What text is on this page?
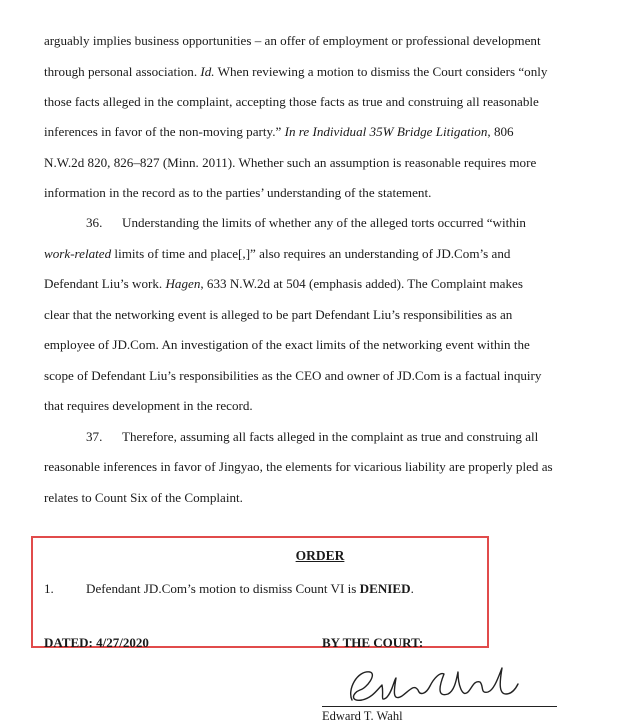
arguably implies business opportunities – an offer of employment or professional development
through personal association. Id. When reviewing a motion to dismiss the Court considers “only
those facts alleged in the complaint, accepting those facts as true and construing all reasonable
inferences in favor of the non-moving party.” In re Individual 35W Bridge Litigation, 806
N.W.2d 820, 826–827 (Minn. 2011). Whether such an assumption is reasonable requires more
information in the record as to the parties’ understanding of the statement.
36. Understanding the limits of whether any of the alleged torts occurred “within
work-related limits of time and place[,]” also requires an understanding of JD.Com’s and
Defendant Liu’s work. Hagen, 633 N.W.2d at 504 (emphasis added). The Complaint makes
clear that the networking event is alleged to be part Defendant Liu’s responsibilities as an
employee of JD.Com. An investigation of the exact limits of the networking event within the
scope of Defendant Liu’s responsibilities as the CEO and owner of JD.Com is a factual inquiry
that requires development in the record.
37. Therefore, assuming all facts alleged in the complaint as true and construing all
reasonable inferences in favor of Jingyao, the elements for vicarious liability are properly pled as
relates to Count Six of the Complaint.
ORDER
1. Defendant JD.Com’s motion to dismiss Count VI is DENIED.
DATED: 4/27/2020	BY THE COURT:
Edward T. Wahl
